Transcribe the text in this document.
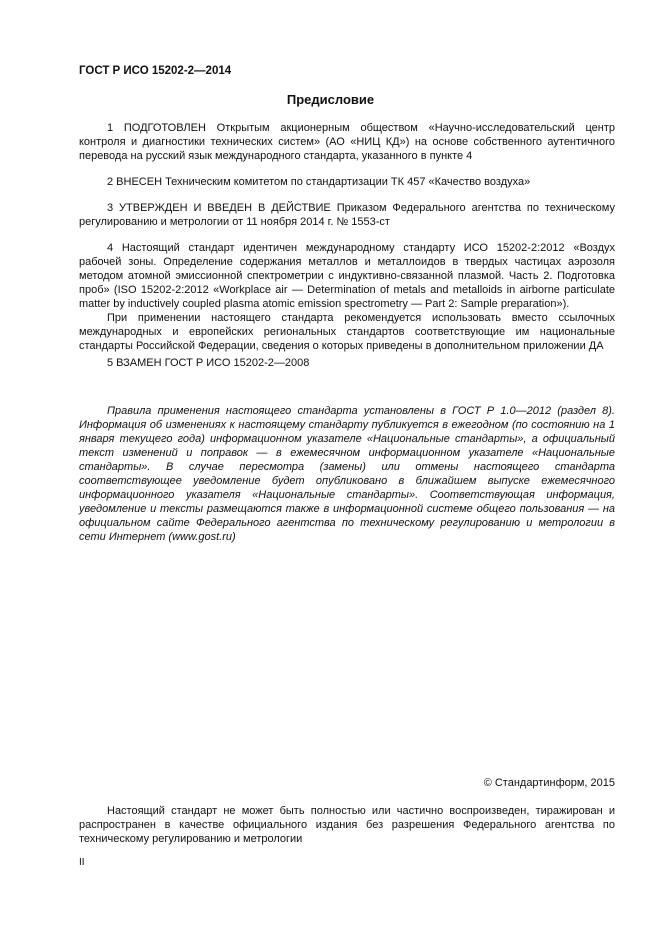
ГОСТ Р ИСО 15202-2—2014
Предисловие

1 ПОДГОТОВЛЕН Открытым акционерным обществом «Научно-исследовательский центр контроля и диагностики технических систем» (АО «НИЦ КД») на основе собственного аутентичного перевода на русский язык международного стандарта, указанного в пункте 4

2 ВНЕСЕН Техническим комитетом по стандартизации ТК 457 «Качество воздуха»

3 УТВЕРЖДЕН И ВВЕДЕН В ДЕЙСТВИЕ Приказом Федерального агентства по техническому регулированию и метрологии от 11 ноября 2014 г. № 1553-ст

4 Настоящий стандарт идентичен международному стандарту ИСО 15202-2:2012 «Воздух рабочей зоны. Определение содержания металлов и металлоидов в твердых частицах аэрозоля методом атомной эмиссионной спектрометрии с индуктивно-связанной плазмой. Часть 2. Подготовка проб» (ISO 15202-2:2012 «Workplace air — Determination of metals and metalloids in airborne particulate matter by inductively coupled plasma atomic emission spectrometry — Part 2: Sample preparation»).

При применении настоящего стандарта рекомендуется использовать вместо ссылочных международных и европейских региональных стандартов соответствующие им национальные стандарты Российской Федерации, сведения о которых приведены в дополнительном приложении ДА

5 ВЗАМЕН ГОСТ Р ИСО 15202-2—2008

Правила применения настоящего стандарта установлены в ГОСТ Р 1.0—2012 (раздел 8). Информация об изменениях к настоящему стандарту публикуется в ежегодном (по состоянию на 1 января текущего года) информационном указателе «Национальные стандарты», а официальный текст изменений и поправок — в ежемесячном информационном указателе «Национальные стандарты». В случае пересмотра (замены) или отмены настоящего стандарта соответствующее уведомление будет опубликовано в ближайшем выпуске ежемесячного информационного указателя «Национальные стандарты». Соответствующая информация, уведомление и тексты размещаются также в информационной системе общего пользования — на официальном сайте Федерального агентства по техническому регулированию и метрологии в сети Интернет (www.gost.ru)

© Стандартинформ, 2015

Настоящий стандарт не может быть полностью или частично воспроизведен, тиражирован и распространен в качестве официального издания без разрешения Федерального агентства по техническому регулированию и метрологии

II
